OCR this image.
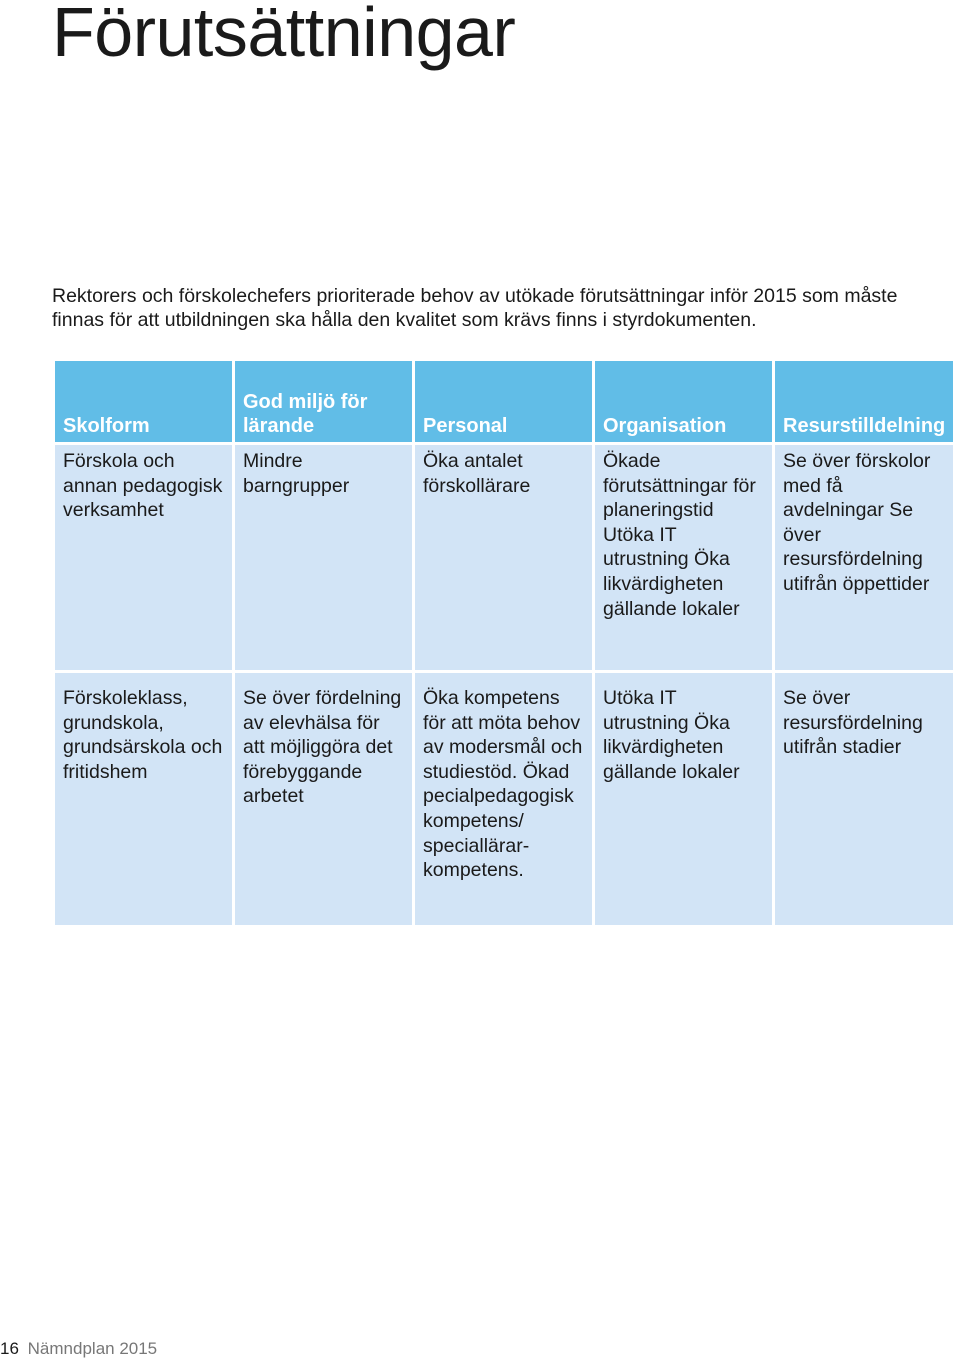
Förutsättningar

Rektorers och förskolechefers prioriterade behov av utökade förutsättningar inför 2015 som måste finnas för att utbildningen ska hålla den kvalitet som krävs finns i styrdokumenten.

Skolform	God miljö för lärande	Personal	Organisation	Resurstilldelning
Förskola och annan pedagogisk verksamhet	Mindre barngrupper	Öka antalet förskollärare	Ökade förutsättningar för planeringstid Utöka IT utrustning Öka likvärdigheten gällande lokaler	Se över förskolor med få avdelningar Se över resursfördelning utifrån öppettider
Förskoleklass, grundskola, grundsärskola och fritidshem	Se över fördelning av elevhälsa för att möjliggöra det förebyggande arbetet	Öka kompetens för att möta behov av modersmål och studiestöd. Ökad pecialpedagogisk kompetens/ speciallärar-kompetens.	Utöka IT utrustning Öka likvärdigheten gällande lokaler	Se över resursfördelning utifrån stadier
16 Nämndplan 2015
